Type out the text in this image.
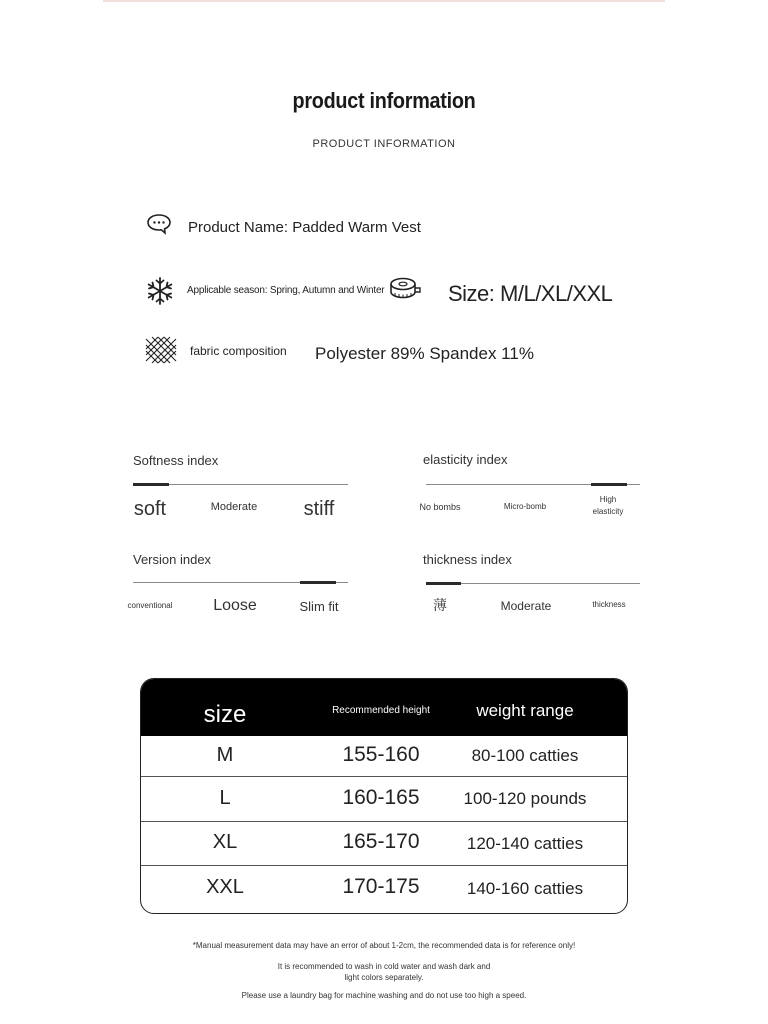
product information
PRODUCT INFORMATION
Product Name: Padded Warm Vest
Applicable season: Spring, Autumn and Winter	Size: M/L/XL/XXL
fabric composition Polyester 89% Spandex 11%
Softness index
soft	Moderate	stiff
elasticity index
No bombs	Micro-bomb
High elasticity
Version index
conventional	Loose	Slim fit
thickness index
薄	Moderate	thickness
size	Recommended height	weight range
M	155-160	80-100 catties
L	160-165	100-120 pounds
XL	165-170	120-140 catties
XXL	170-175	140-160 catties
*Manual measurement data may have an error of about 1-2cm, the recommended data is for reference only!
It is recommended to wash in cold water and wash dark and
light colors separately.
Please use a laundry bag for machine washing and do not use too high a speed.
